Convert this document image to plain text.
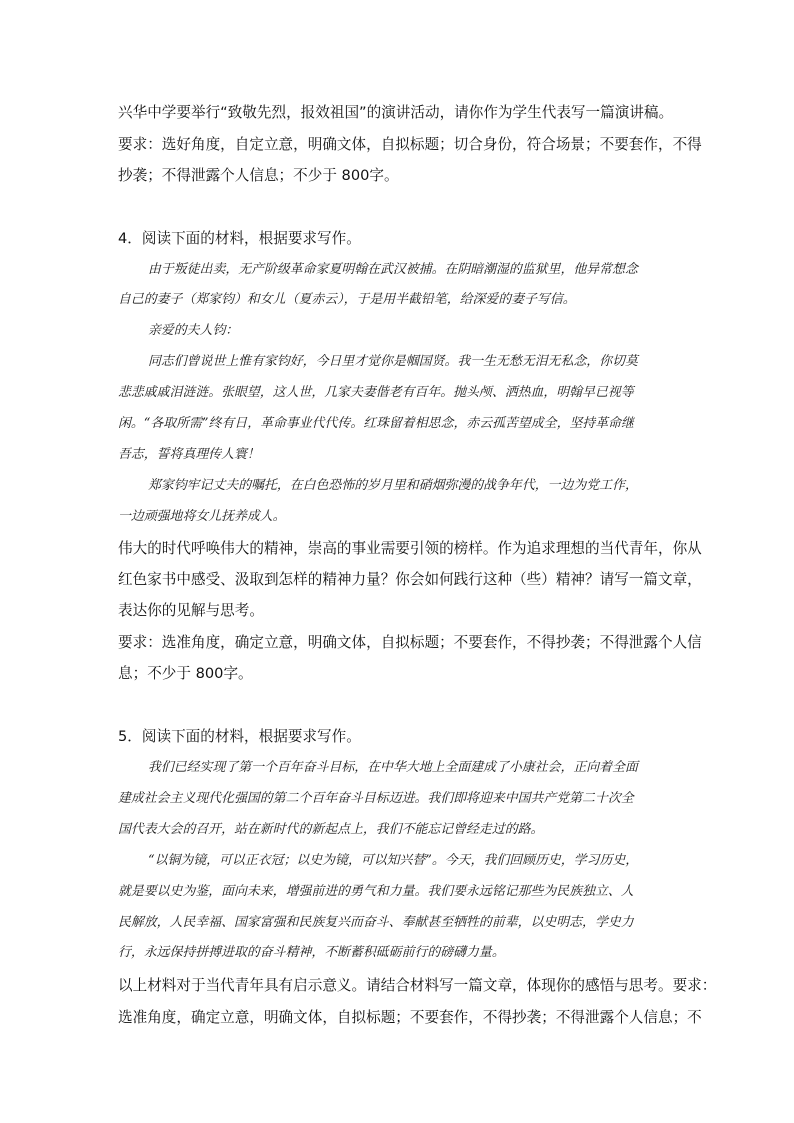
兴华中学要举行“致敬先烈，报效祖国”的演讲活动，请你作为学生代表写一篇演讲稿。
要求：选好角度，自定立意，明确文体，自拟标题；切合身份，符合场景；不要套作，不得
抄袭；不得泄露个人信息；不少于 800字。
4．阅读下面的材料，根据要求写作。
由于叛徒出卖，无产阶级革命家夏明翰在武汉被捕。在阴暗潮湿的监狱里，他异常想念
自己的妻子（郑家钧）和女儿（夏赤云），于是用半截铅笔，给深爱的妻子写信。
亲爱的夫人钧：
同志们曾说世上惟有家钧好，今日里才觉你是帼国贤。我一生无愁无泪无私念，你切莫
悲悲戚戚泪涟涟。张眼望，这人世，几家夫妻偕老有百年。抛头颅、洒热血，明翰早已视等
闲。“各取所需”终有日，革命事业代代传。红珠留着相思念，赤云孤苦望成全，坚持革命继
吾志，誓将真理传人寰！
郑家钧牢记丈夫的嘱托，在白色恐怖的岁月里和硝烟弥漫的战争年代，一边为党工作，
一边顽强地将女儿抚养成人。
伟大的时代呼唤伟大的精神，崇高的事业需要引领的榜样。作为追求理想的当代青年，你从
红色家书中感受、汲取到怎样的精神力量？你会如何践行这种（些）精神？请写一篇文章，
表达你的见解与思考。
要求：选准角度，确定立意，明确文体，自拟标题；不要套作，不得抄袭；不得泄露个人信
息；不少于 800字。
5．阅读下面的材料，根据要求写作。
我们已经实现了第一个百年奋斗目标，在中华大地上全面建成了小康社会，正向着全面
建成社会主义现代化强国的第二个百年奋斗目标迈进。我们即将迎来中国共产党第二十次全
国代表大会的召开，站在新时代的新起点上，我们不能忘记曾经走过的路。
“以铜为镜，可以正衣冠；以史为镜，可以知兴替”。今天，我们回顾历史，学习历史，
就是要以史为鉴，面向未来，增强前进的勇气和力量。我们要永远铭记那些为民族独立、人
民解放，人民幸福、国家富强和民族复兴而奋斗、奉献甚至牺牲的前辈，以史明志，学史力
行，永远保持拼搏进取的奋斗精神，不断蓄积砥砺前行的磅礴力量。
以上材料对于当代青年具有启示意义。请结合材料写一篇文章，体现你的感悟与思考。要求：
选准角度，确定立意，明确文体，自拟标题；不要套作，不得抄袭；不得泄露个人信息；不
